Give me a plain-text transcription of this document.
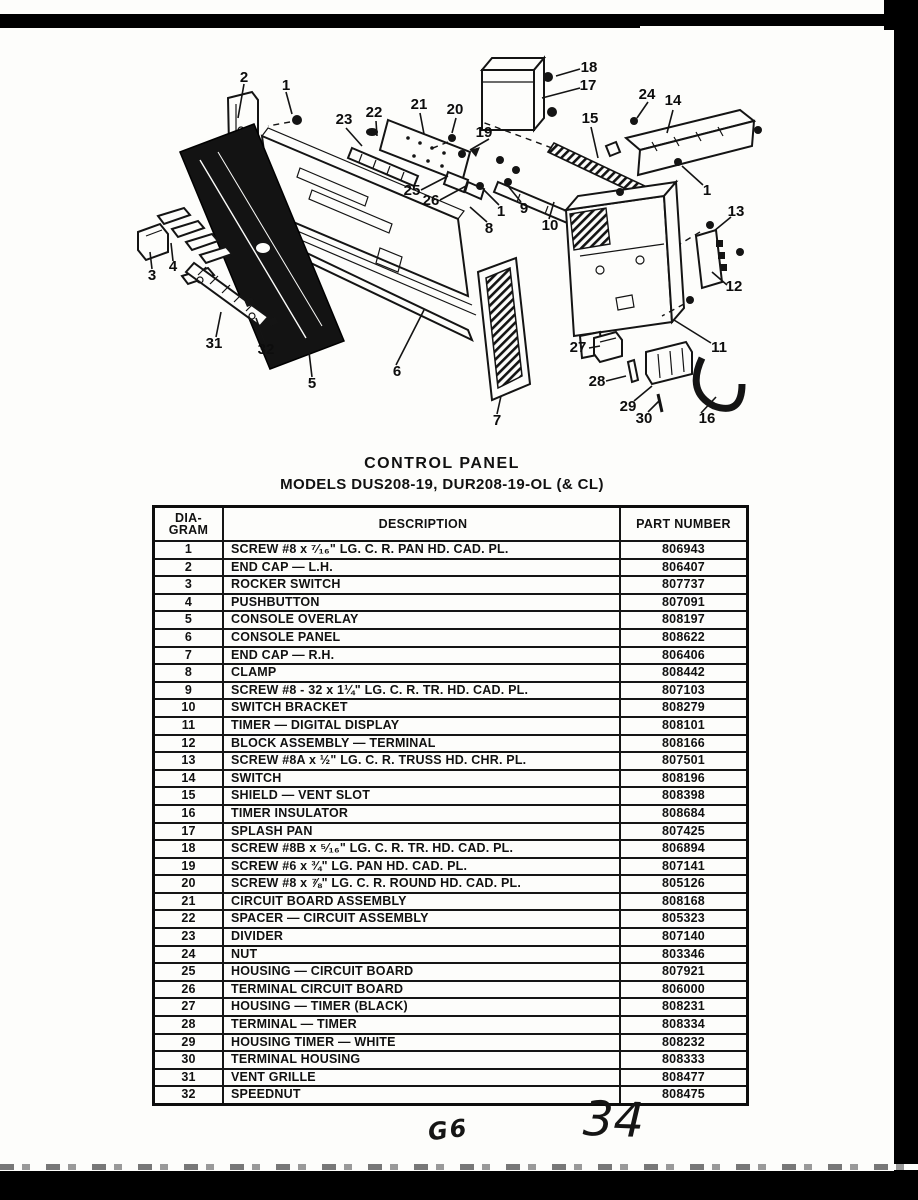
2 1
23 22 21 20
19
18
17
15
24 14
25
26
1 9
8	10
1
13
12
11
27
28
29
30	16
3
4
31 32
5
6
7
CONTROL PANEL
MODELS DUS208-19, DUR208-19-OL (& CL)
DIA-
GRAM	DESCRIPTION	PART NUMBER
1	SCREW #8 x ⁷⁄₁₆" LG. C. R. PAN HD. CAD. PL.	806943
2	END CAP — L.H.	806407
3	ROCKER SWITCH	807737
4	PUSHBUTTON	807091
5	CONSOLE OVERLAY	808197
6	CONSOLE PANEL	808622
7	END CAP — R.H.	806406
8	CLAMP	808442
9	SCREW #8 - 32 x 1¼" LG. C. R. TR. HD. CAD. PL.	807103
10	SWITCH BRACKET	808279
11	TIMER — DIGITAL DISPLAY	808101
12	BLOCK ASSEMBLY — TERMINAL	808166
13	SCREW #8A x ½" LG. C. R. TRUSS HD. CHR. PL.	807501
14	SWITCH	808196
15	SHIELD — VENT SLOT	808398
16	TIMER INSULATOR	808684
17	SPLASH PAN	807425
18	SCREW #8B x ⁵⁄₁₆" LG. C. R. TR. HD. CAD. PL.	806894
19	SCREW #6 x ¾" LG. PAN HD. CAD. PL.	807141
20	SCREW #8 x ⅞" LG. C. R. ROUND HD. CAD. PL.	805126
21	CIRCUIT BOARD ASSEMBLY	808168
22	SPACER — CIRCUIT ASSEMBLY	805323
23	DIVIDER	807140
24	NUT	803346
25	HOUSING — CIRCUIT BOARD	807921
26	TERMINAL CIRCUIT BOARD	806000
27	HOUSING — TIMER (BLACK)	808231
28	TERMINAL — TIMER	808334
29	HOUSING TIMER — WHITE	808232
30	TERMINAL HOUSING	808333
31	VENT GRILLE	808477
32	SPEEDNUT	808475
G6 34
